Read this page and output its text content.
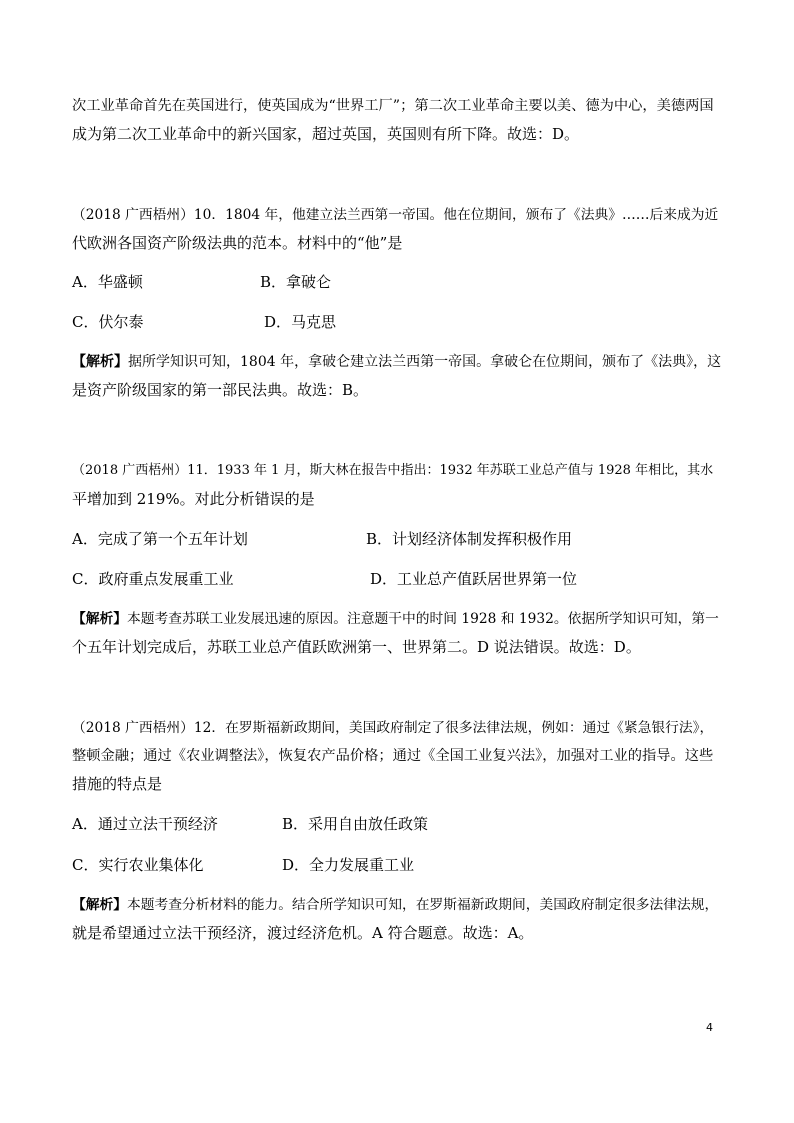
次工业革命首先在英国进行，使英国成为“世界工厂”；第二次工业革命主要以美、德为中心，美德两国
成为第二次工业革命中的新兴国家，超过英国，英国则有所下降。故选：D。
（2018 广西梧州）10．1804 年，他建立法兰西第一帝国。他在位期间，颁布了《法典》……后来成为近
代欧洲各国资产阶级法典的范本。材料中的“他”是
A．华盛顿	B．拿破仑
C．伏尔泰	D．马克思
【解析】据所学知识可知，1804 年，拿破仑建立法兰西第一帝国。拿破仑在位期间，颁布了《法典》，这
是资产阶级国家的第一部民法典。故选：B。
（2018 广西梧州）11．1933 年 1 月，斯大林在报告中指出：1932 年苏联工业总产值与 1928 年相比，其水
平增加到 219%。对此分析错误的是
A．完成了第一个五年计划	B．计划经济体制发挥积极作用
C．政府重点发展重工业	D．工业总产值跃居世界第一位
【解析】本题考查苏联工业发展迅速的原因。注意题干中的时间 1928 和 1932。依据所学知识可知，第一
个五年计划完成后，苏联工业总产值跃欧洲第一、世界第二。D 说法错误。故选：D。
（2018 广西梧州）12．在罗斯福新政期间，美国政府制定了很多法律法规，例如：通过《紧急银行法》，
整顿金融；通过《农业调整法》，恢复农产品价格；通过《全国工业复兴法》，加强对工业的指导。这些
措施的特点是
A．通过立法干预经济	B．采用自由放任政策
C．实行农业集体化	D．全力发展重工业
【解析】本题考查分析材料的能力。结合所学知识可知，在罗斯福新政期间，美国政府制定很多法律法规，
就是希望通过立法干预经济，渡过经济危机。A 符合题意。故选：A。
4
